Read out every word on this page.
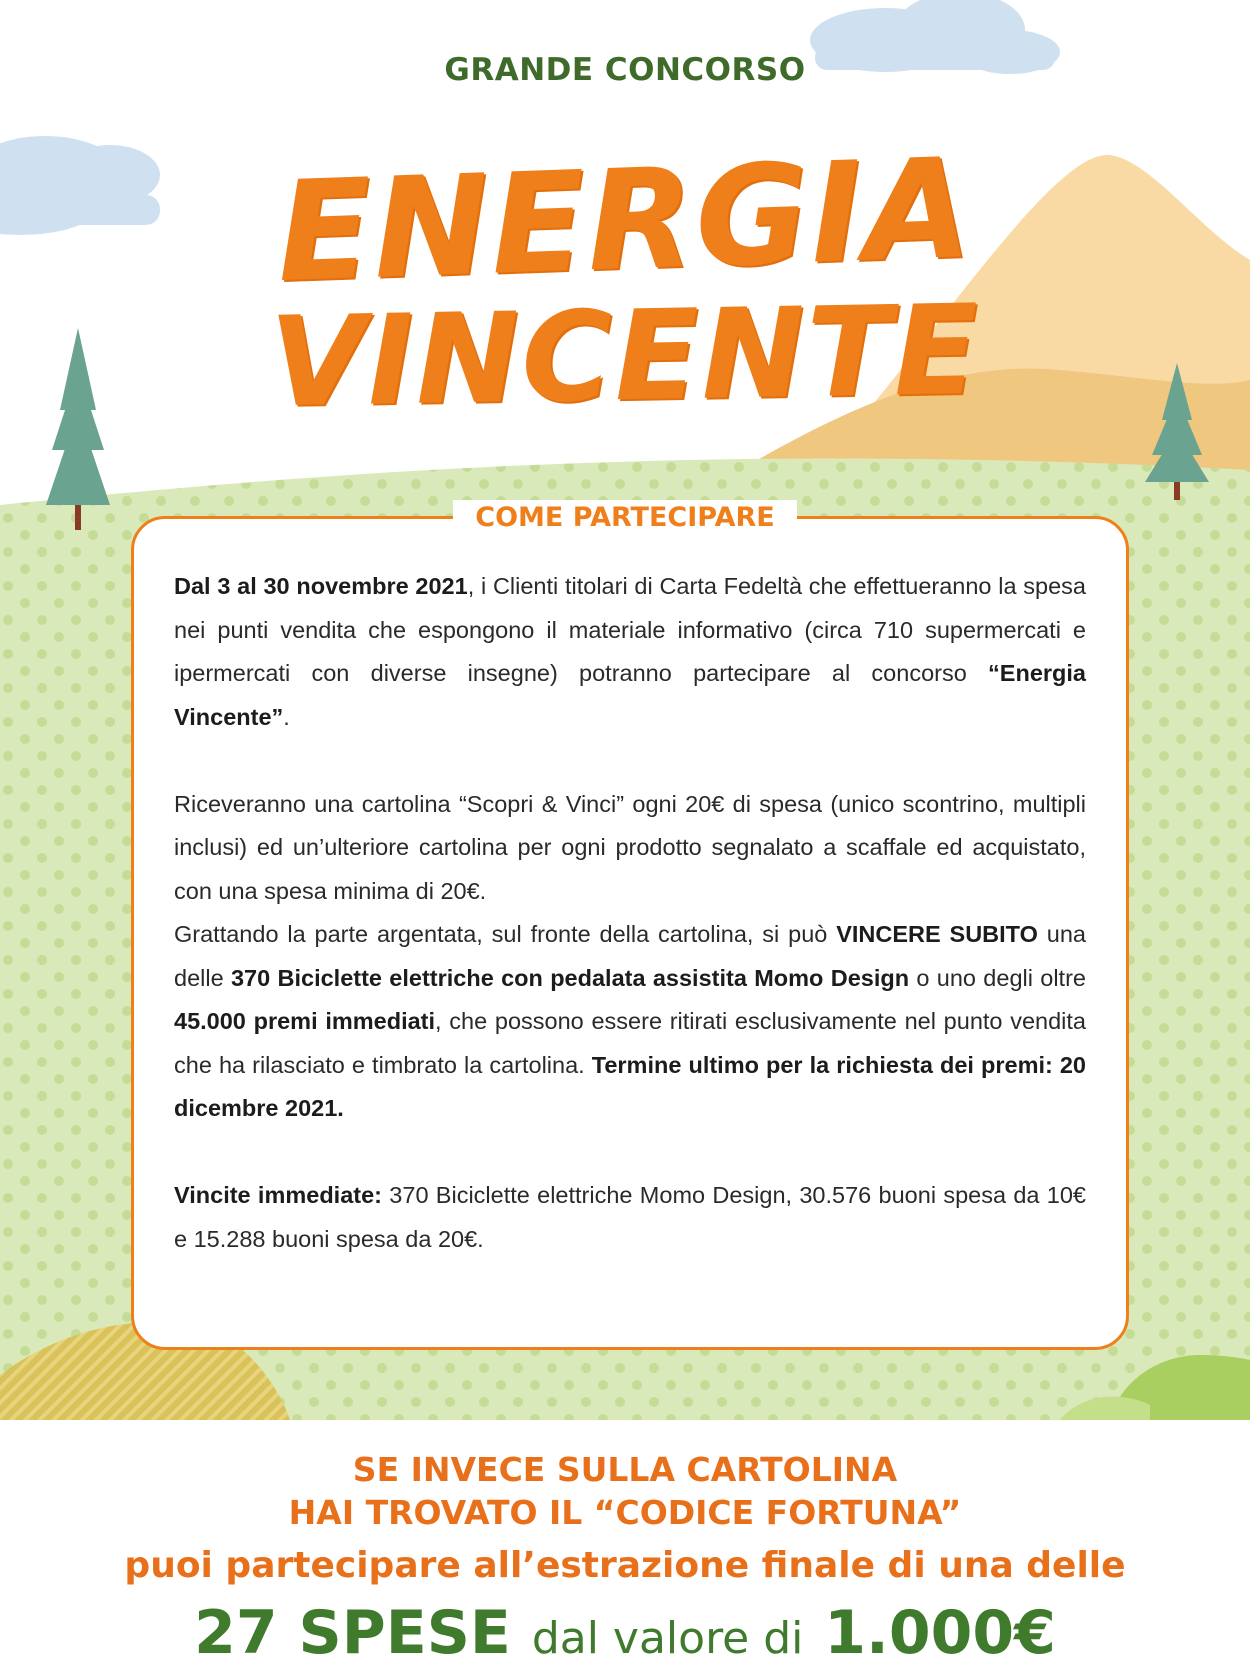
GRANDE CONCORSO
ENERGIA
VINCENTE
COME PARTECIPARE

Dal 3 al 30 novembre 2021, i Clienti titolari di Carta Fedeltà che effettueranno la spesa nei punti vendita che espongono il materiale informativo (circa 710 supermercati e ipermercati con diverse insegne) potranno partecipare al concorso “Energia Vincente”.

Riceveranno una cartolina “Scopri & Vinci” ogni 20€ di spesa (unico scontrino, multipli inclusi) ed un’ulteriore cartolina per ogni prodotto segnalato a scaffale ed acquistato, con una spesa minima di 20€.

Grattando la parte argentata, sul fronte della cartolina, si può VINCERE SUBITO una delle 370 Biciclette elettriche con pedalata assistita Momo Design o uno degli oltre 45.000 premi immediati, che possono essere ritirati esclusivamente nel punto vendita che ha rilasciato e timbrato la cartolina. Termine ultimo per la richiesta dei premi: 20 dicembre 2021.

Vincite immediate: 370 Biciclette elettriche Momo Design, 30.576 buoni spesa da 10€ e 15.288 buoni spesa da 20€.

SE INVECE SULLA CARTOLINA
HAI TROVATO IL “CODICE FORTUNA”
puoi partecipare all’estrazione finale di una delle
27 SPESE dal valore di 1.000€
